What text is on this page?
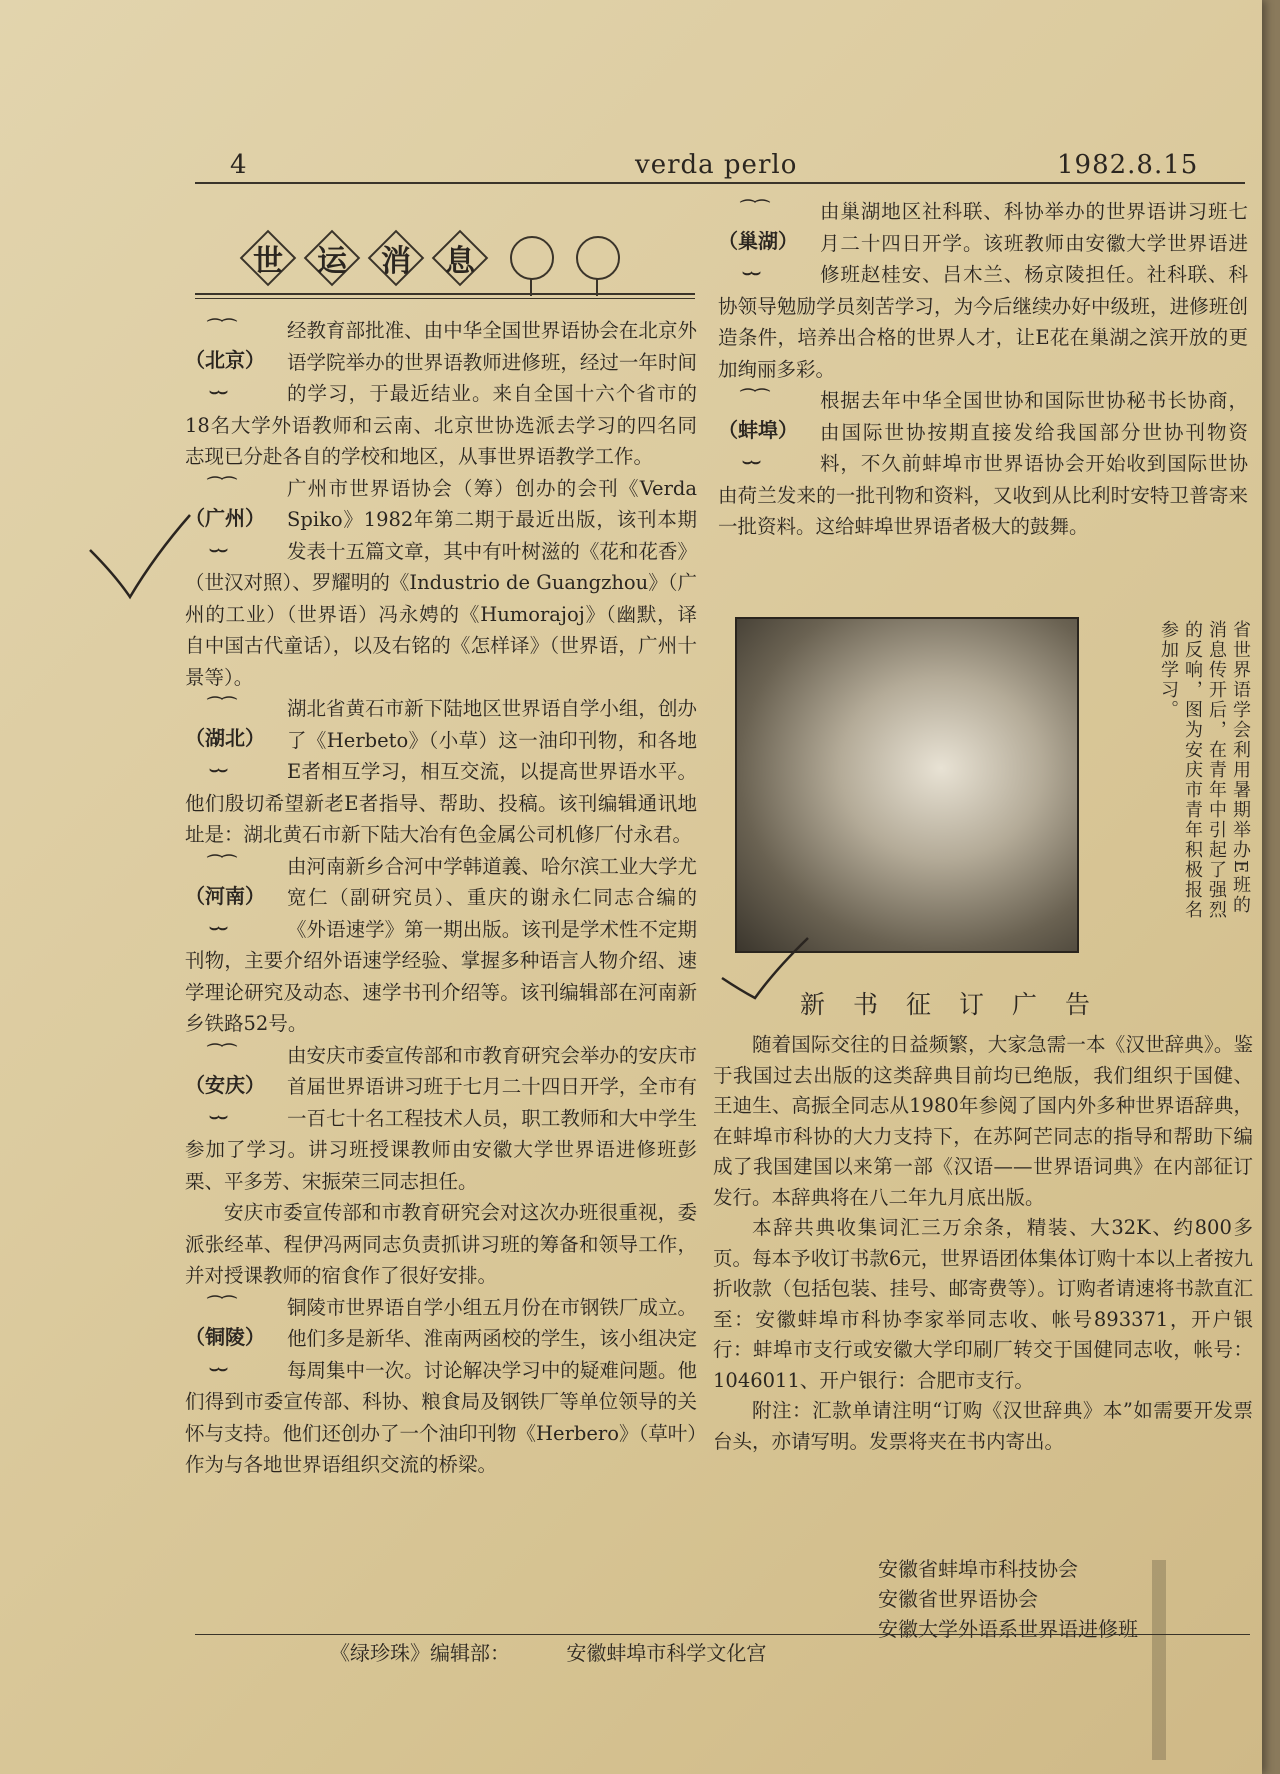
4	verda perlo	1982.8.15
世 运 消 息
⌒⌒ （ 北京 ） ⌣⌣
经教育部批准、由中华全国世界语协会在北京外语学院举办的世界语教师进修班，经过一年时间的学习，于最近结业。来自全国十六个省市的18名大学外语教师和云南、北京世协选派去学习的四名同志现已分赴各自的学校和地区，从事世界语教学工作。
⌒⌒ （ 广州 ） ⌣⌣
广州市世界语协会（筹）创办的会刊《Verda Spiko》1982年第二期于最近出版，该刊本期发表十五篇文章，其中有叶树滋的《花和花香》（世汉对照）、罗耀明的《Industrio de Guangzhou》（广州的工业）（世界语）冯永娉的《Humorajoj》（幽默，译自中国古代童话），以及右铭的《怎样译》（世界语，广州十景等）。
⌒⌒ （ 湖北 ） ⌣⌣
湖北省黄石市新下陆地区世界语自学小组，创办了《Herbeto》（小草）这一油印刊物，和各地E者相互学习，相互交流，以提高世界语水平。他们殷切希望新老E者指导、帮助、投稿。该刊编辑通讯地址是：湖北黄石市新下陆大冶有色金属公司机修厂付永君。
⌒⌒ （ 河南 ） ⌣⌣
由河南新乡合河中学韩道義、哈尔滨工业大学尤宽仁（副研究员）、重庆的谢永仁同志合编的《外语速学》第一期出版。该刊是学术性不定期刊物，主要介绍外语速学经验、掌握多种语言人物介绍、速学理论研究及动态、速学书刊介绍等。该刊编辑部在河南新乡铁路52号。
⌒⌒ （ 安庆 ） ⌣⌣
由安庆市委宣传部和市教育研究会举办的安庆市首届世界语讲习班于七月二十四日开学，全市有一百七十名工程技术人员，职工教师和大中学生参加了学习。讲习班授课教师由安徽大学世界语进修班彭栗、平多芳、宋振荣三同志担任。
安庆市委宣传部和市教育研究会对这次办班很重视，委派张经革、程伊冯两同志负责抓讲习班的筹备和领导工作，并对授课教师的宿食作了很好安排。
⌒⌒ （ 铜陵 ） ⌣⌣
铜陵市世界语自学小组五月份在市钢铁厂成立。他们多是新华、淮南两函校的学生，该小组决定每周集中一次。讨论解决学习中的疑难问题。他们得到市委宣传部、科协、粮食局及钢铁厂等单位领导的关怀与支持。他们还创办了一个油印刊物《Herbero》（草叶）作为与各地世界语组织交流的桥梁。
⌒⌒ （ 巢湖 ） ⌣⌣
由巢湖地区社科联、科协举办的世界语讲习班七月二十四日开学。该班教师由安徽大学世界语进修班赵桂安、吕木兰、杨京陵担任。社科联、科协领导勉励学员刻苦学习，为今后继续办好中级班，进修班创造条件，培养出合格的世界人才，让E花在巢湖之滨开放的更加绚丽多彩。
⌒⌒ （ 蚌埠 ） ⌣⌣
根据去年中华全国世协和国际世协秘书长协商，由国际世协按期直接发给我国部分世协刊物资料，不久前蚌埠市世界语协会开始收到国际世协由荷兰发来的一批刊物和资料，又收到从比利时安特卫普寄来一批资料。这给蚌埠世界语者极大的鼓舞。
省世界语学会利用暑期举办E班的消息传开后，在青年中引起了强烈的反响，图为安庆市青年积极报名参加学习。
新书征订广告

随着国际交往的日益频繁，大家急需一本《汉世辞典》。鉴于我国过去出版的这类辞典目前均已绝版，我们组织于国健、王迪生、高振全同志从1980年参阅了国内外多种世界语辞典，在蚌埠市科协的大力支持下，在苏阿芒同志的指导和帮助下编成了我国建国以来第一部《汉语——世界语词典》在内部征订发行。本辞典将在八二年九月底出版。

本辞共典收集词汇三万余条，精装、大32K、约800多页。每本予收订书款6元，世界语团体集体订购十本以上者按九折收款（包括包装、挂号、邮寄费等）。订购者请速将书款直汇至：安徽蚌埠市科协李家举同志收、帐号893371，开户银行：蚌埠市支行或安徽大学印刷厂转交于国健同志收，帐号：1046011、开户银行：合肥市支行。

附注：汇款单请注明“订购《汉世辞典》本”如需要开发票台头，亦请写明。发票将夹在书内寄出。

安徽省蚌埠市科技协会
安徽省世界语协会
安徽大学外语系世界语进修班
《绿珍珠》编辑部：	安徽蚌埠市科学文化宫
